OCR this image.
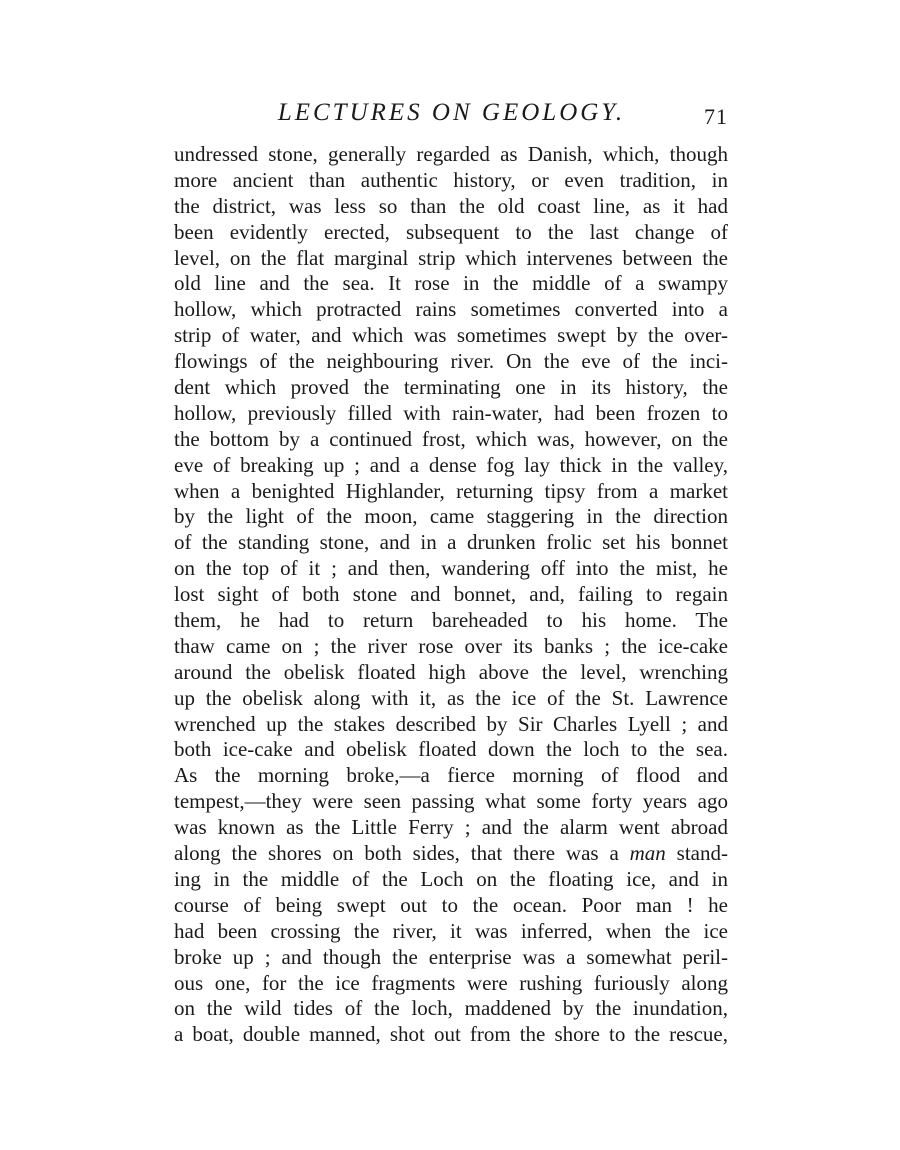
LECTURES ON GEOLOGY.	71
undressed stone, generally regarded as Danish, which, though
more ancient than authentic history, or even tradition, in
the district, was less so than the old coast line, as it had
been evidently erected, subsequent to the last change of
level, on the flat marginal strip which intervenes between the
old line and the sea. It rose in the middle of a swampy
hollow, which protracted rains sometimes converted into a
strip of water, and which was sometimes swept by the over-
flowings of the neighbouring river. On the eve of the inci-
dent which proved the terminating one in its history, the
hollow, previously filled with rain-water, had been frozen to
the bottom by a continued frost, which was, however, on the
eve of breaking up ; and a dense fog lay thick in the valley,
when a benighted Highlander, returning tipsy from a market
by the light of the moon, came staggering in the direction
of the standing stone, and in a drunken frolic set his bonnet
on the top of it ; and then, wandering off into the mist, he
lost sight of both stone and bonnet, and, failing to regain
them, he had to return bareheaded to his home. The
thaw came on ; the river rose over its banks ; the ice-cake
around the obelisk floated high above the level, wrenching
up the obelisk along with it, as the ice of the St. Lawrence
wrenched up the stakes described by Sir Charles Lyell ; and
both ice-cake and obelisk floated down the loch to the sea.
As the morning broke,—a fierce morning of flood and
tempest,—they were seen passing what some forty years ago
was known as the Little Ferry ; and the alarm went abroad
along the shores on both sides, that there was a man stand-
ing in the middle of the Loch on the floating ice, and in
course of being swept out to the ocean. Poor man ! he
had been crossing the river, it was inferred, when the ice
broke up ; and though the enterprise was a somewhat peril-
ous one, for the ice fragments were rushing furiously along
on the wild tides of the loch, maddened by the inundation,
a boat, double manned, shot out from the shore to the rescue,
